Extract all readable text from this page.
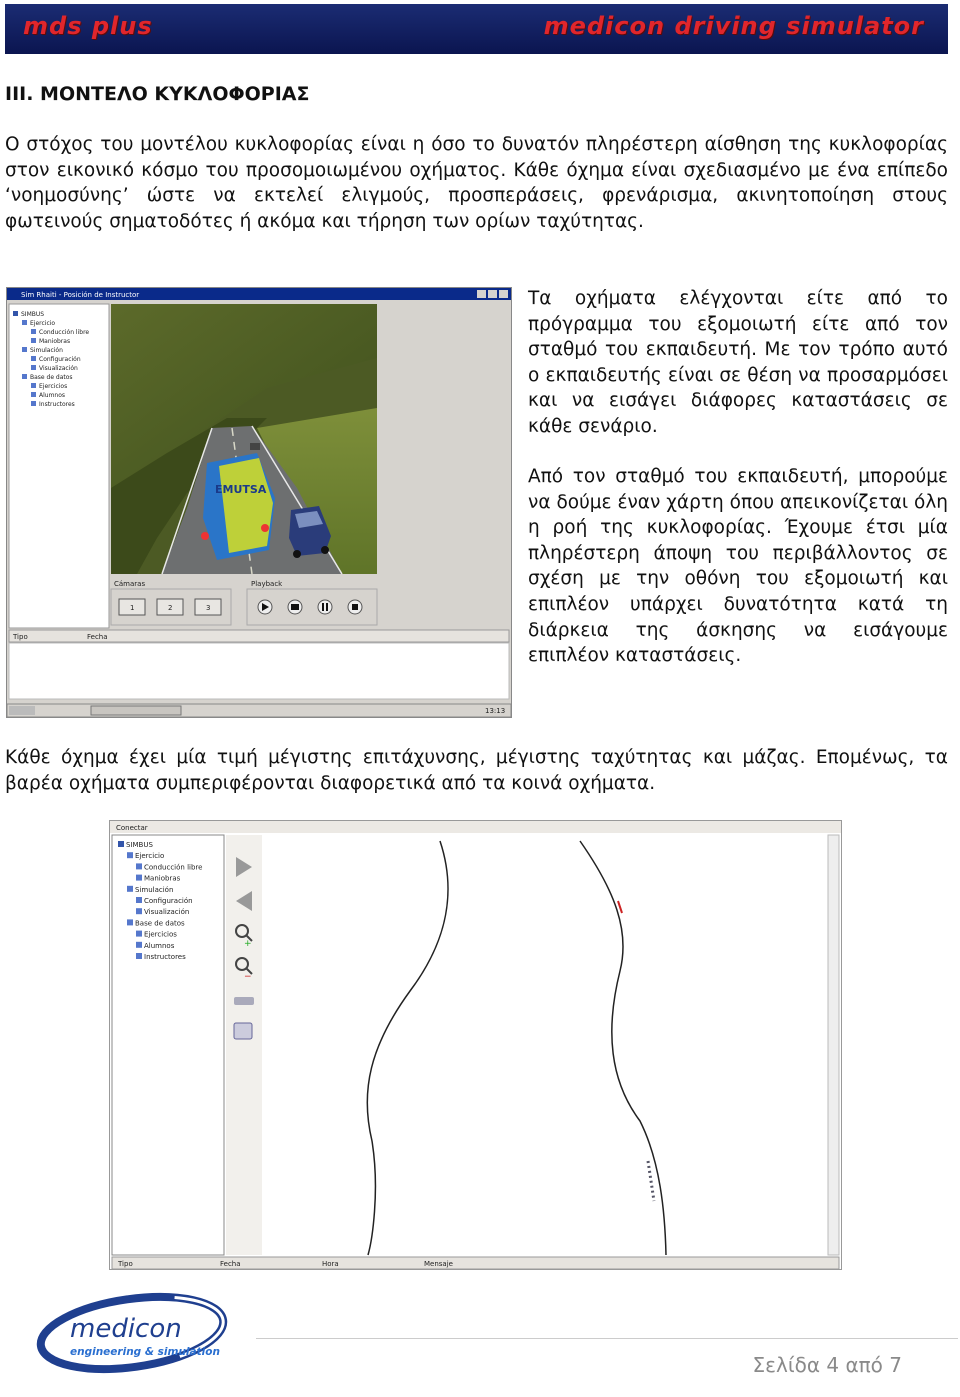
mds plus	medicon driving simulator
III. ΜΟΝΤΕΛΟ ΚΥΚΛΟΦΟΡΙΑΣ
Ο στόχος του μοντέλου κυκλοφορίας είναι η όσο το δυνατόν πληρέστερη αίσθηση της κυκλοφορίας στον εικονικό κόσμο του προσομοιωμένου οχήματος. Κάθε όχημα είναι σχεδιασμένο με ένα επίπεδο ‘νοημοσύνης’ ώστε να εκτελεί ελιγμούς, προσπεράσεις, φρενάρισμα, ακινητοποίηση στους φωτεινούς σηματοδότες ή ακόμα και τήρηση των ορίων ταχύτητας.
Sim Rhaiti - Posición de Instructor
SIMBUS
Ejercicio
Conducción libre
Maniobras
Simulación
Configuración
Visualización
Base de datos
Ejercicios
Alumnos
Instructores
EMUTSA
Cámaras
1	2	3
Playback
Tipo	Fecha
13:13
Τα οχήματα ελέγχονται είτε από το πρόγραμμα του εξομοιωτή είτε από τον σταθμό του εκπαιδευτή. Με τον τρόπο αυτό ο εκπαιδευτής είναι σε θέση να προσαρμόσει και να εισάγει διάφορες καταστάσεις σε κάθε σενάριο.
Από τον σταθμό του εκπαιδευτή, μπορούμε να δούμε έναν χάρτη όπου απεικονίζεται όλη η ροή της κυκλοφορίας. Έχουμε έτσι μία πληρέστερη άποψη του περιβάλλοντος σε σχέση με την οθόνη του εξομοιωτή και επιπλέον υπάρχει δυνατότητα κατά τη διάρκεια της άσκησης να εισάγουμε επιπλέον καταστάσεις.
Κάθε όχημα έχει μία τιμή μέγιστης επιτάχυνσης, μέγιστης ταχύτητας και μάζας. Επομένως, τα βαρέα οχήματα συμπεριφέρονται διαφορετικά από τα κοινά οχήματα.
Conectar
SIMBUS
Ejercicio
Conducción libre
Maniobras
Simulación
Configuración
Visualización
Base de datos
Ejercicios
Alumnos
Instructores
+
−
Tipo	Fecha	Hora	Mensaje
medicon
engineering & simulation
Σελίδα 4 από 7
